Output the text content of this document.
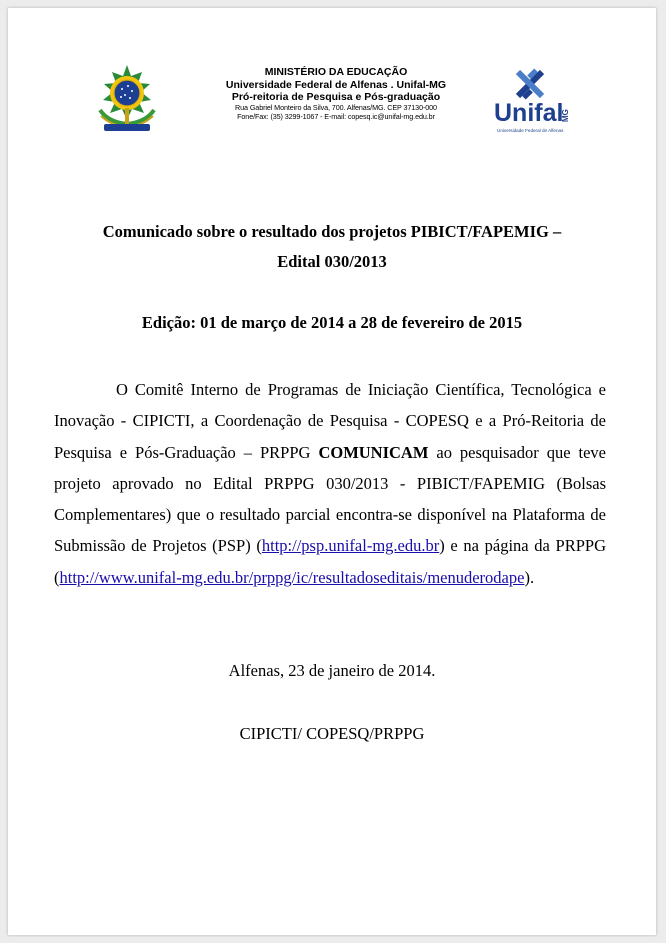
MINISTÉRIO DA EDUCAÇÃO
Universidade Federal de Alfenas . Unifal-MG
Pró-reitoria de Pesquisa e Pós-graduação
Rua Gabriel Monteiro da Silva, 700. Alfenas/MG. CEP 37130-000
Fone/Fax: (35) 3299-1067 - E-mail: copesq.ic@unifal-mg.edu.br	Unifal
MG
Universidade Federal de Alfenas
Comunicado sobre o resultado dos projetos PIBICT/FAPEMIG –
Edital 030/2013
Edição: 01 de março de 2014 a 28 de fevereiro de 2015

O Comitê Interno de Programas de Iniciação Científica, Tecnológica e Inovação - CIPICTI, a Coordenação de Pesquisa - COPESQ e a Pró-Reitoria de Pesquisa e Pós-Graduação – PRPPG COMUNICAM ao pesquisador que teve projeto aprovado no Edital PRPPG 030/2013 - PIBICT/FAPEMIG (Bolsas Complementares) que o resultado parcial encontra-se disponível na Plataforma de Submissão de Projetos (PSP) (http://psp.unifal-mg.edu.br) e na página da PRPPG (http://www.unifal-mg.edu.br/prppg/ic/resultadoseditais/menuderodape).

Alfenas, 23 de janeiro de 2014.
CIPICTI/ COPESQ/PRPPG
